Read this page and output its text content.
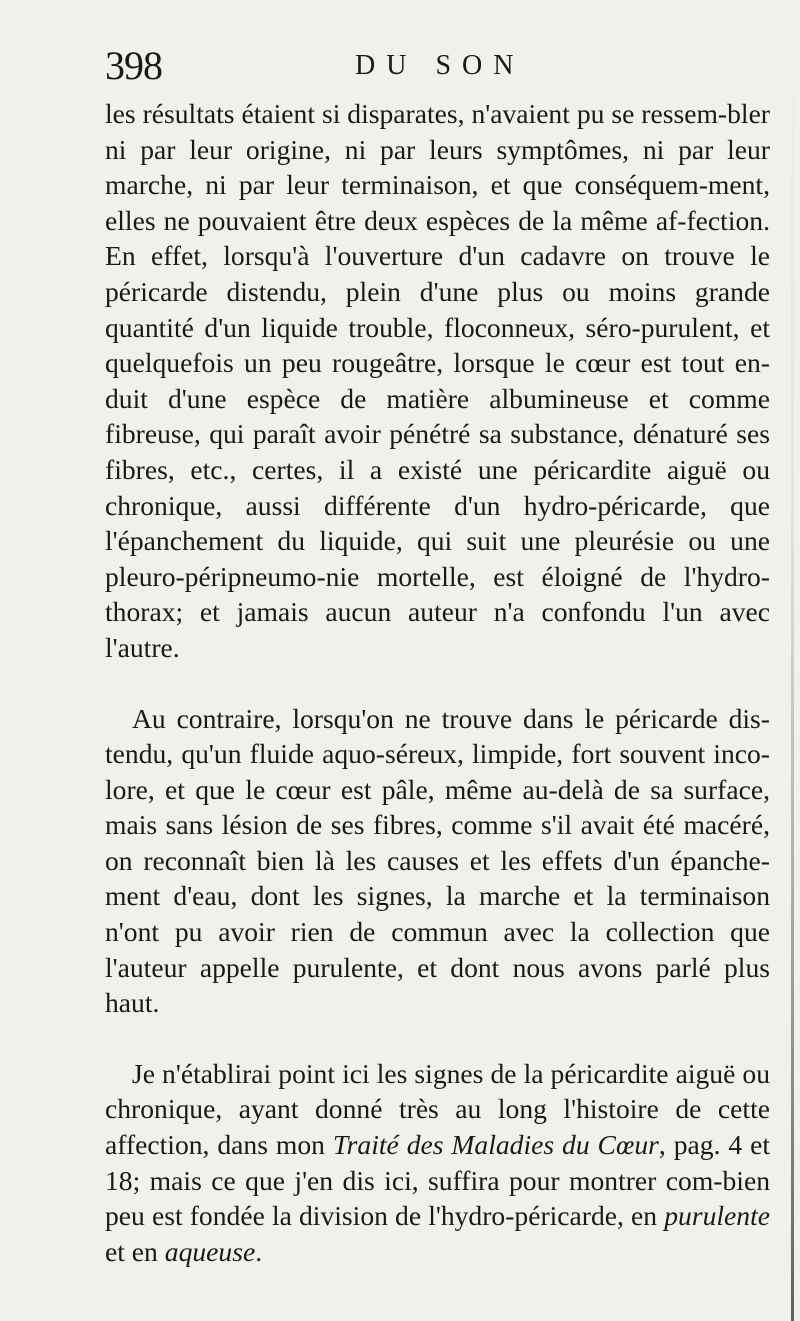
398	DU SON

les résultats étaient si disparates, n'avaient pu se ressem-bler ni par leur origine, ni par leurs symptômes, ni par leur marche, ni par leur terminaison, et que conséquem-ment, elles ne pouvaient être deux espèces de la même af-fection. En effet, lorsqu'à l'ouverture d'un cadavre on trouve le péricarde distendu, plein d'une plus ou moins grande quantité d'un liquide trouble, floconneux, séro-purulent, et quelquefois un peu rougeâtre, lorsque le cœur est tout en-duit d'une espèce de matière albumineuse et comme fibreuse, qui paraît avoir pénétré sa substance, dénaturé ses fibres, etc., certes, il a existé une péricardite aiguë ou chronique, aussi différente d'un hydro-péricarde, que l'épanchement du liquide, qui suit une pleurésie ou une pleuro-péripneumo-nie mortelle, est éloigné de l'hydro-thorax; et jamais aucun auteur n'a confondu l'un avec l'autre.

Au contraire, lorsqu'on ne trouve dans le péricarde dis-tendu, qu'un fluide aquo-séreux, limpide, fort souvent inco-lore, et que le cœur est pâle, même au-delà de sa surface, mais sans lésion de ses fibres, comme s'il avait été macéré, on reconnaît bien là les causes et les effets d'un épanche-ment d'eau, dont les signes, la marche et la terminaison n'ont pu avoir rien de commun avec la collection que l'auteur appelle purulente, et dont nous avons parlé plus haut.

Je n'établirai point ici les signes de la péricardite aiguë ou chronique, ayant donné très au long l'histoire de cette affection, dans mon Traité des Maladies du Cœur, pag. 4 et 18; mais ce que j'en dis ici, suffira pour montrer com-bien peu est fondée la division de l'hydro-péricarde, en purulente et en aqueuse.
